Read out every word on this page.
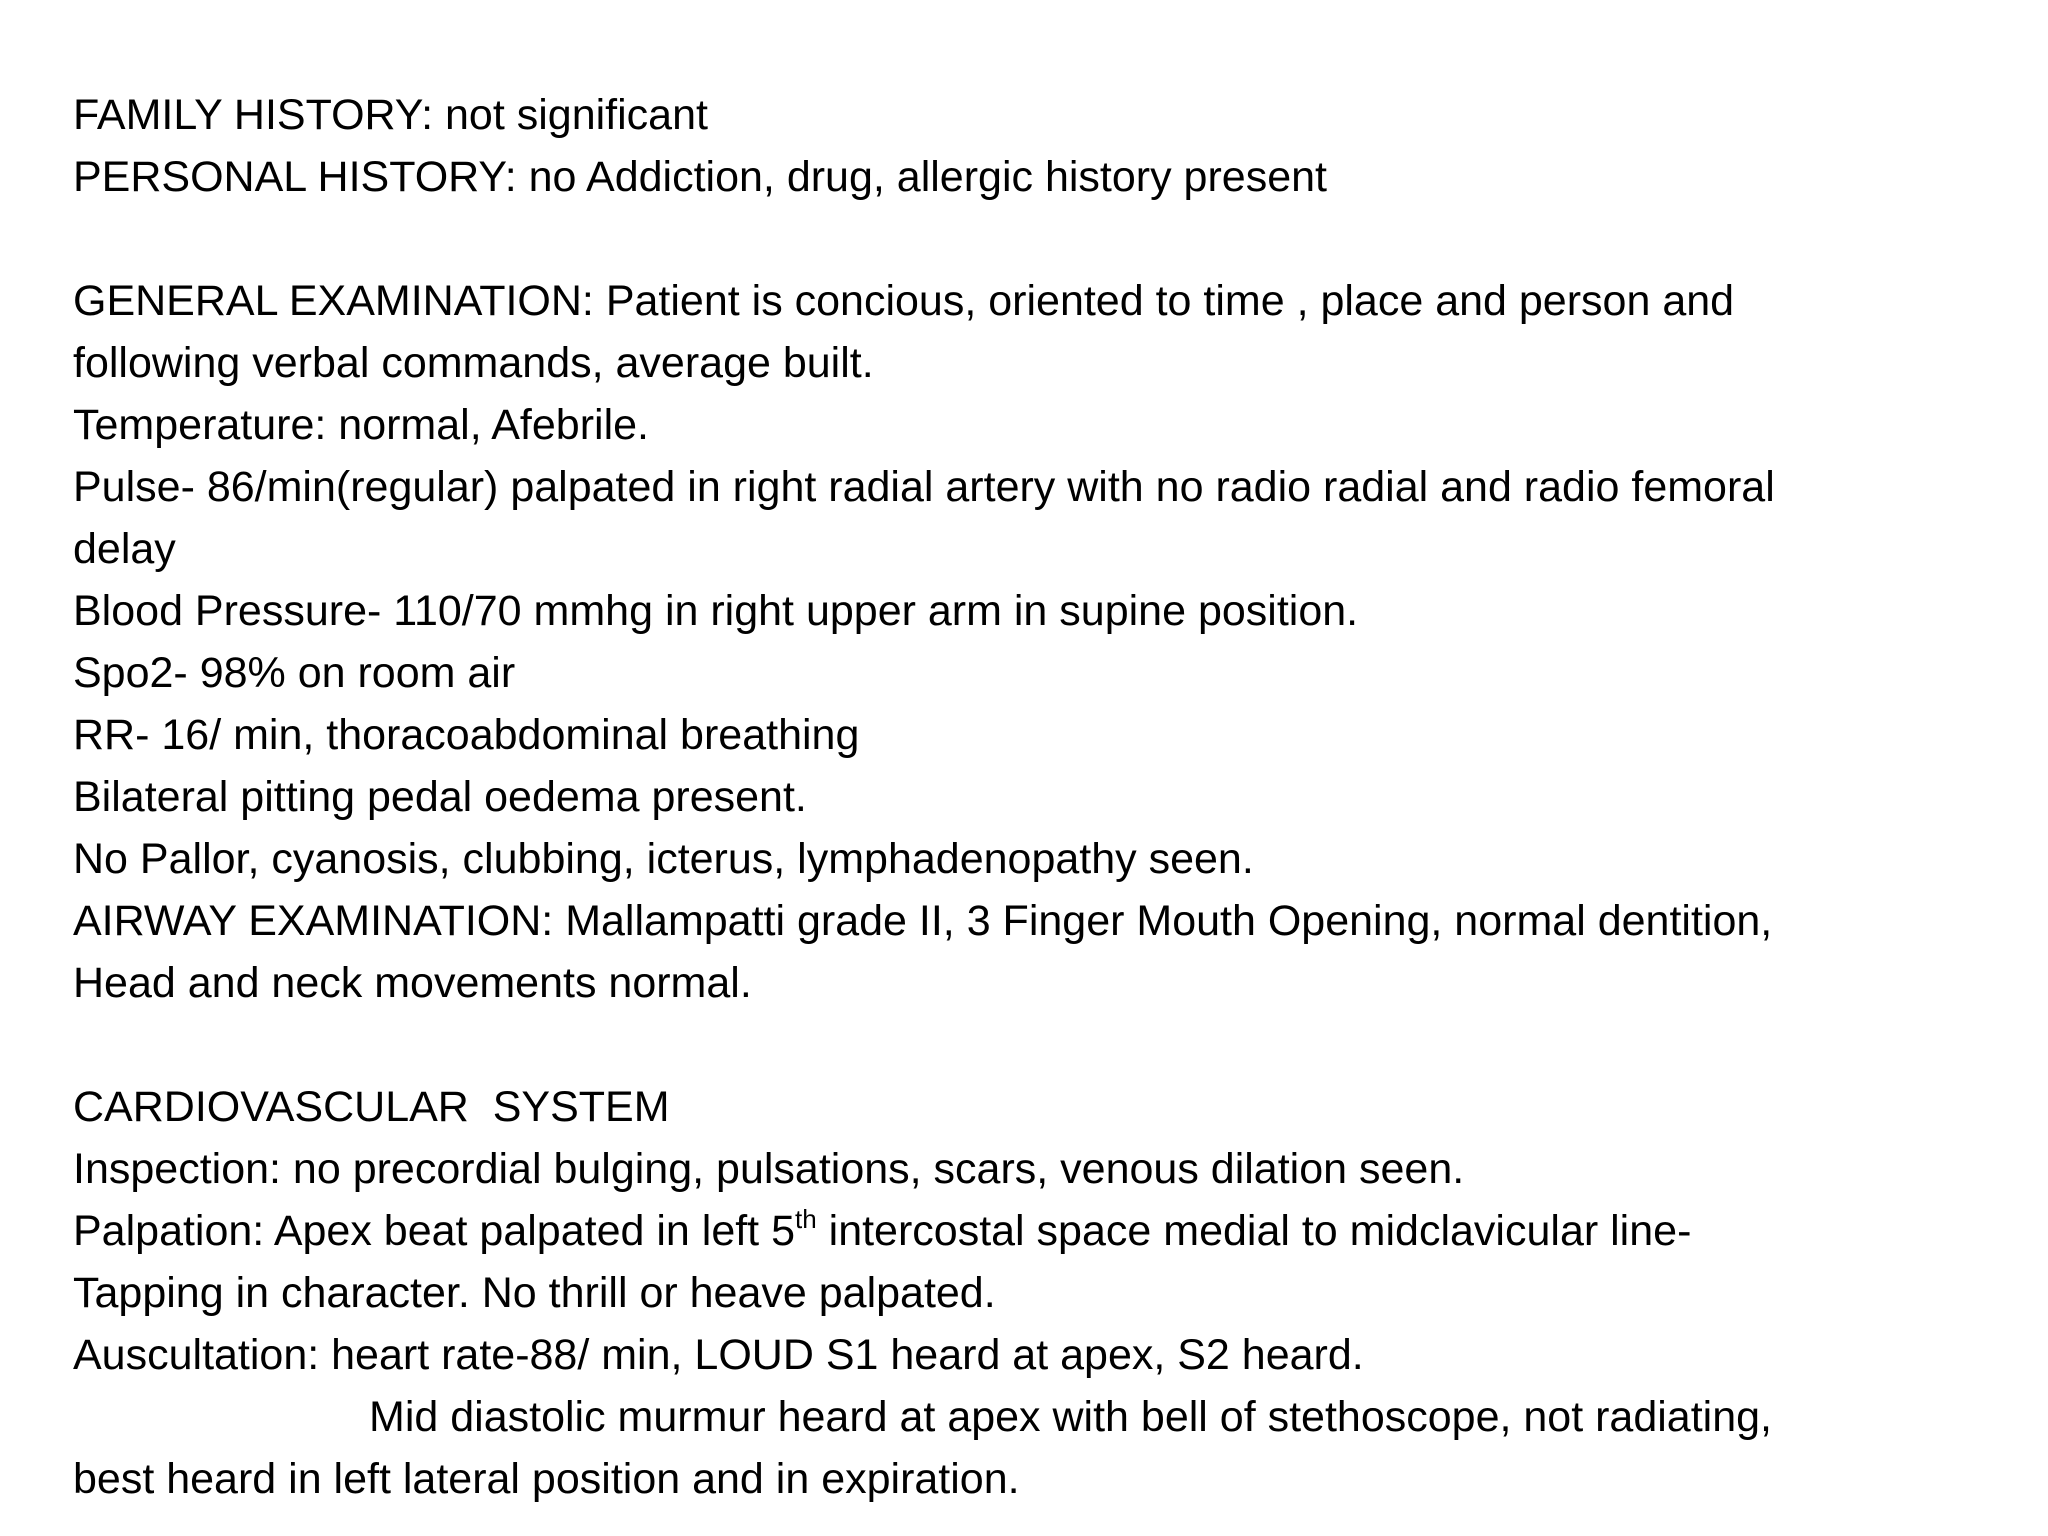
FAMILY HISTORY: not significant
PERSONAL HISTORY: no Addiction, drug, allergic history present
GENERAL EXAMINATION: Patient is concious, oriented to time , place and person and
following verbal commands, average built.
Temperature: normal, Afebrile.
Pulse- 86/min(regular) palpated in right radial artery with no radio radial and radio femoral
delay
Blood Pressure- 110/70 mmhg in right upper arm in supine position.
Spo2- 98% on room air
RR- 16/ min, thoracoabdominal breathing
Bilateral pitting pedal oedema present.
No Pallor, cyanosis, clubbing, icterus, lymphadenopathy seen.
AIRWAY EXAMINATION: Mallampatti grade II, 3 Finger Mouth Opening, normal dentition,
Head and neck movements normal.
CARDIOVASCULAR  SYSTEM
Inspection: no precordial bulging, pulsations, scars, venous dilation seen.
Palpation: Apex beat palpated in left 5th intercostal space medial to midclavicular line-
Tapping in character. No thrill or heave palpated.
Auscultation: heart rate-88/ min, LOUD S1 heard at apex, S2 heard.
Mid diastolic murmur heard at apex with bell of stethoscope, not radiating,
best heard in left lateral position and in expiration.
